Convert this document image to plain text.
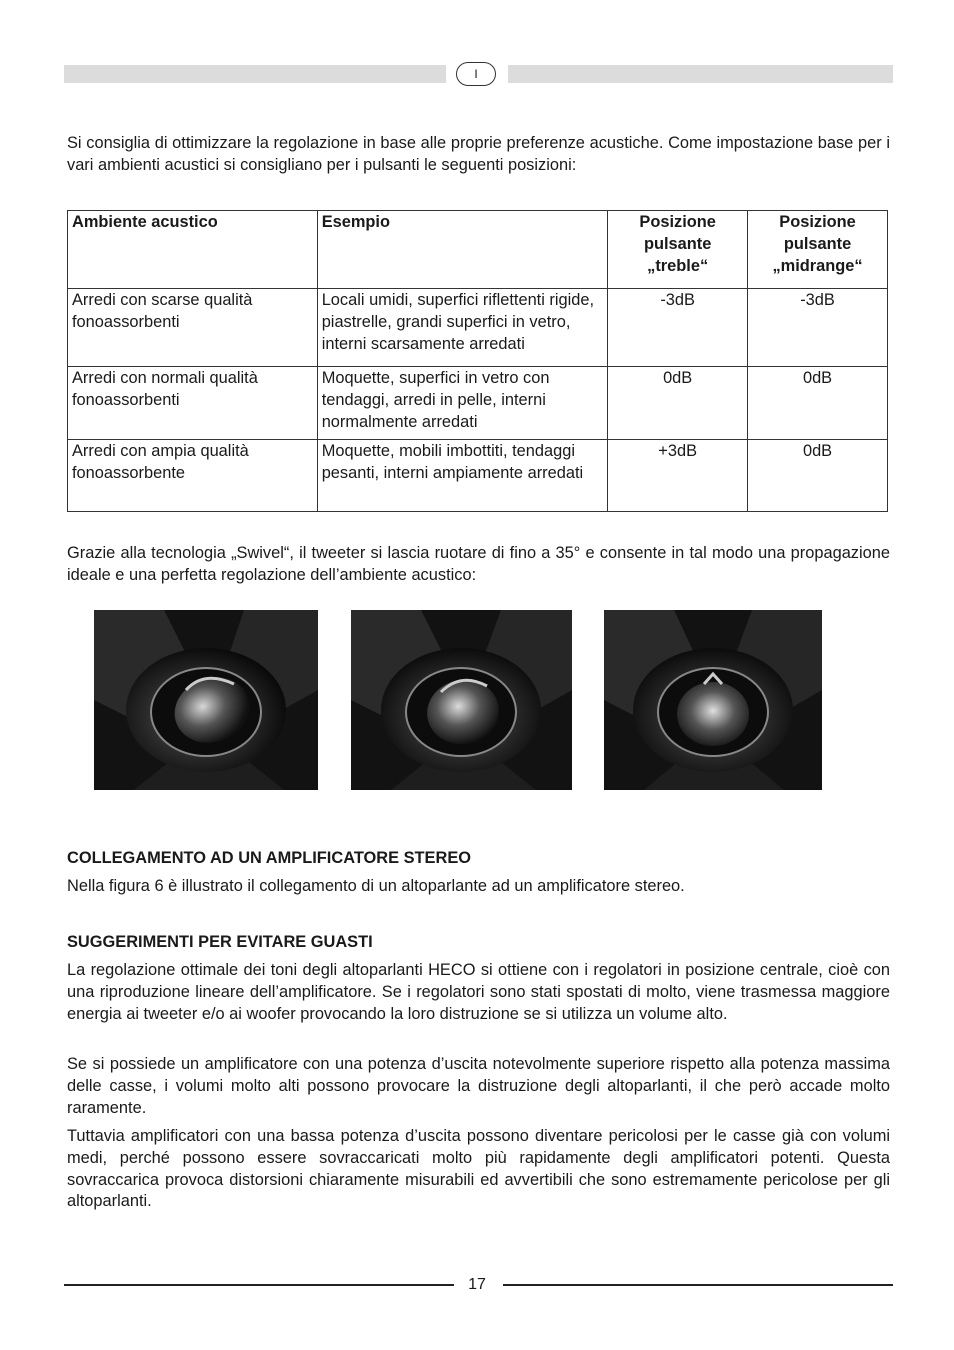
I

Si consiglia di ottimizzare la regolazione in base alle proprie preferenze acustiche. Come impostazione base per i vari ambienti acustici si consigliano per i pulsanti le seguenti posizioni:

Ambiente acustico	Esempio	Posizione pulsante „treble“	Posizione pulsante „midrange“
Arredi con scarse qualità fonoassorbenti	Locali umidi, superfici riflettenti rigide, piastrelle, grandi superfici in vetro, interni scarsamente arredati	-3dB	-3dB
Arredi con normali qualità fonoassorbenti	Moquette, superfici in vetro con tendaggi, arredi in pelle, interni normalmente arredati	0dB	0dB
Arredi con ampia qualità fonoassorbente	Moquette, mobili imbottiti, tendaggi pesanti, interni ampiamente arredati	+3dB	0dB

Grazie alla tecnologia „Swivel“, il tweeter si lascia ruotare di fino a 35° e consente in tal modo una propagazione ideale e una perfetta regolazione dell’ambiente acustico:

COLLEGAMENTO AD UN AMPLIFICATORE STEREO

Nella figura 6 è illustrato il collegamento di un altoparlante ad un amplificatore stereo.

SUGGERIMENTI PER EVITARE GUASTI

La regolazione ottimale dei toni degli altoparlanti HECO si ottiene con i regolatori in posizione centrale, cioè con una riproduzione lineare dell’amplificatore. Se i regolatori sono stati spostati di molto, viene trasmessa maggiore energia ai tweeter e/o ai woofer provocando la loro distruzione se si utilizza un volume alto.

Se si possiede un amplificatore con una potenza d’uscita notevolmente superiore rispetto alla potenza massima delle casse, i volumi molto alti possono provocare la distruzione degli altoparlanti, il che però accade molto raramente.

Tuttavia amplificatori con una bassa potenza d’uscita possono diventare pericolosi per le casse già con volumi medi, perché possono essere sovraccaricati molto più rapidamente degli amplificatori potenti. Questa sovraccarica provoca distorsioni chiaramente misurabili ed avvertibili che sono estremamente pericolose per gli altoparlanti.

17
